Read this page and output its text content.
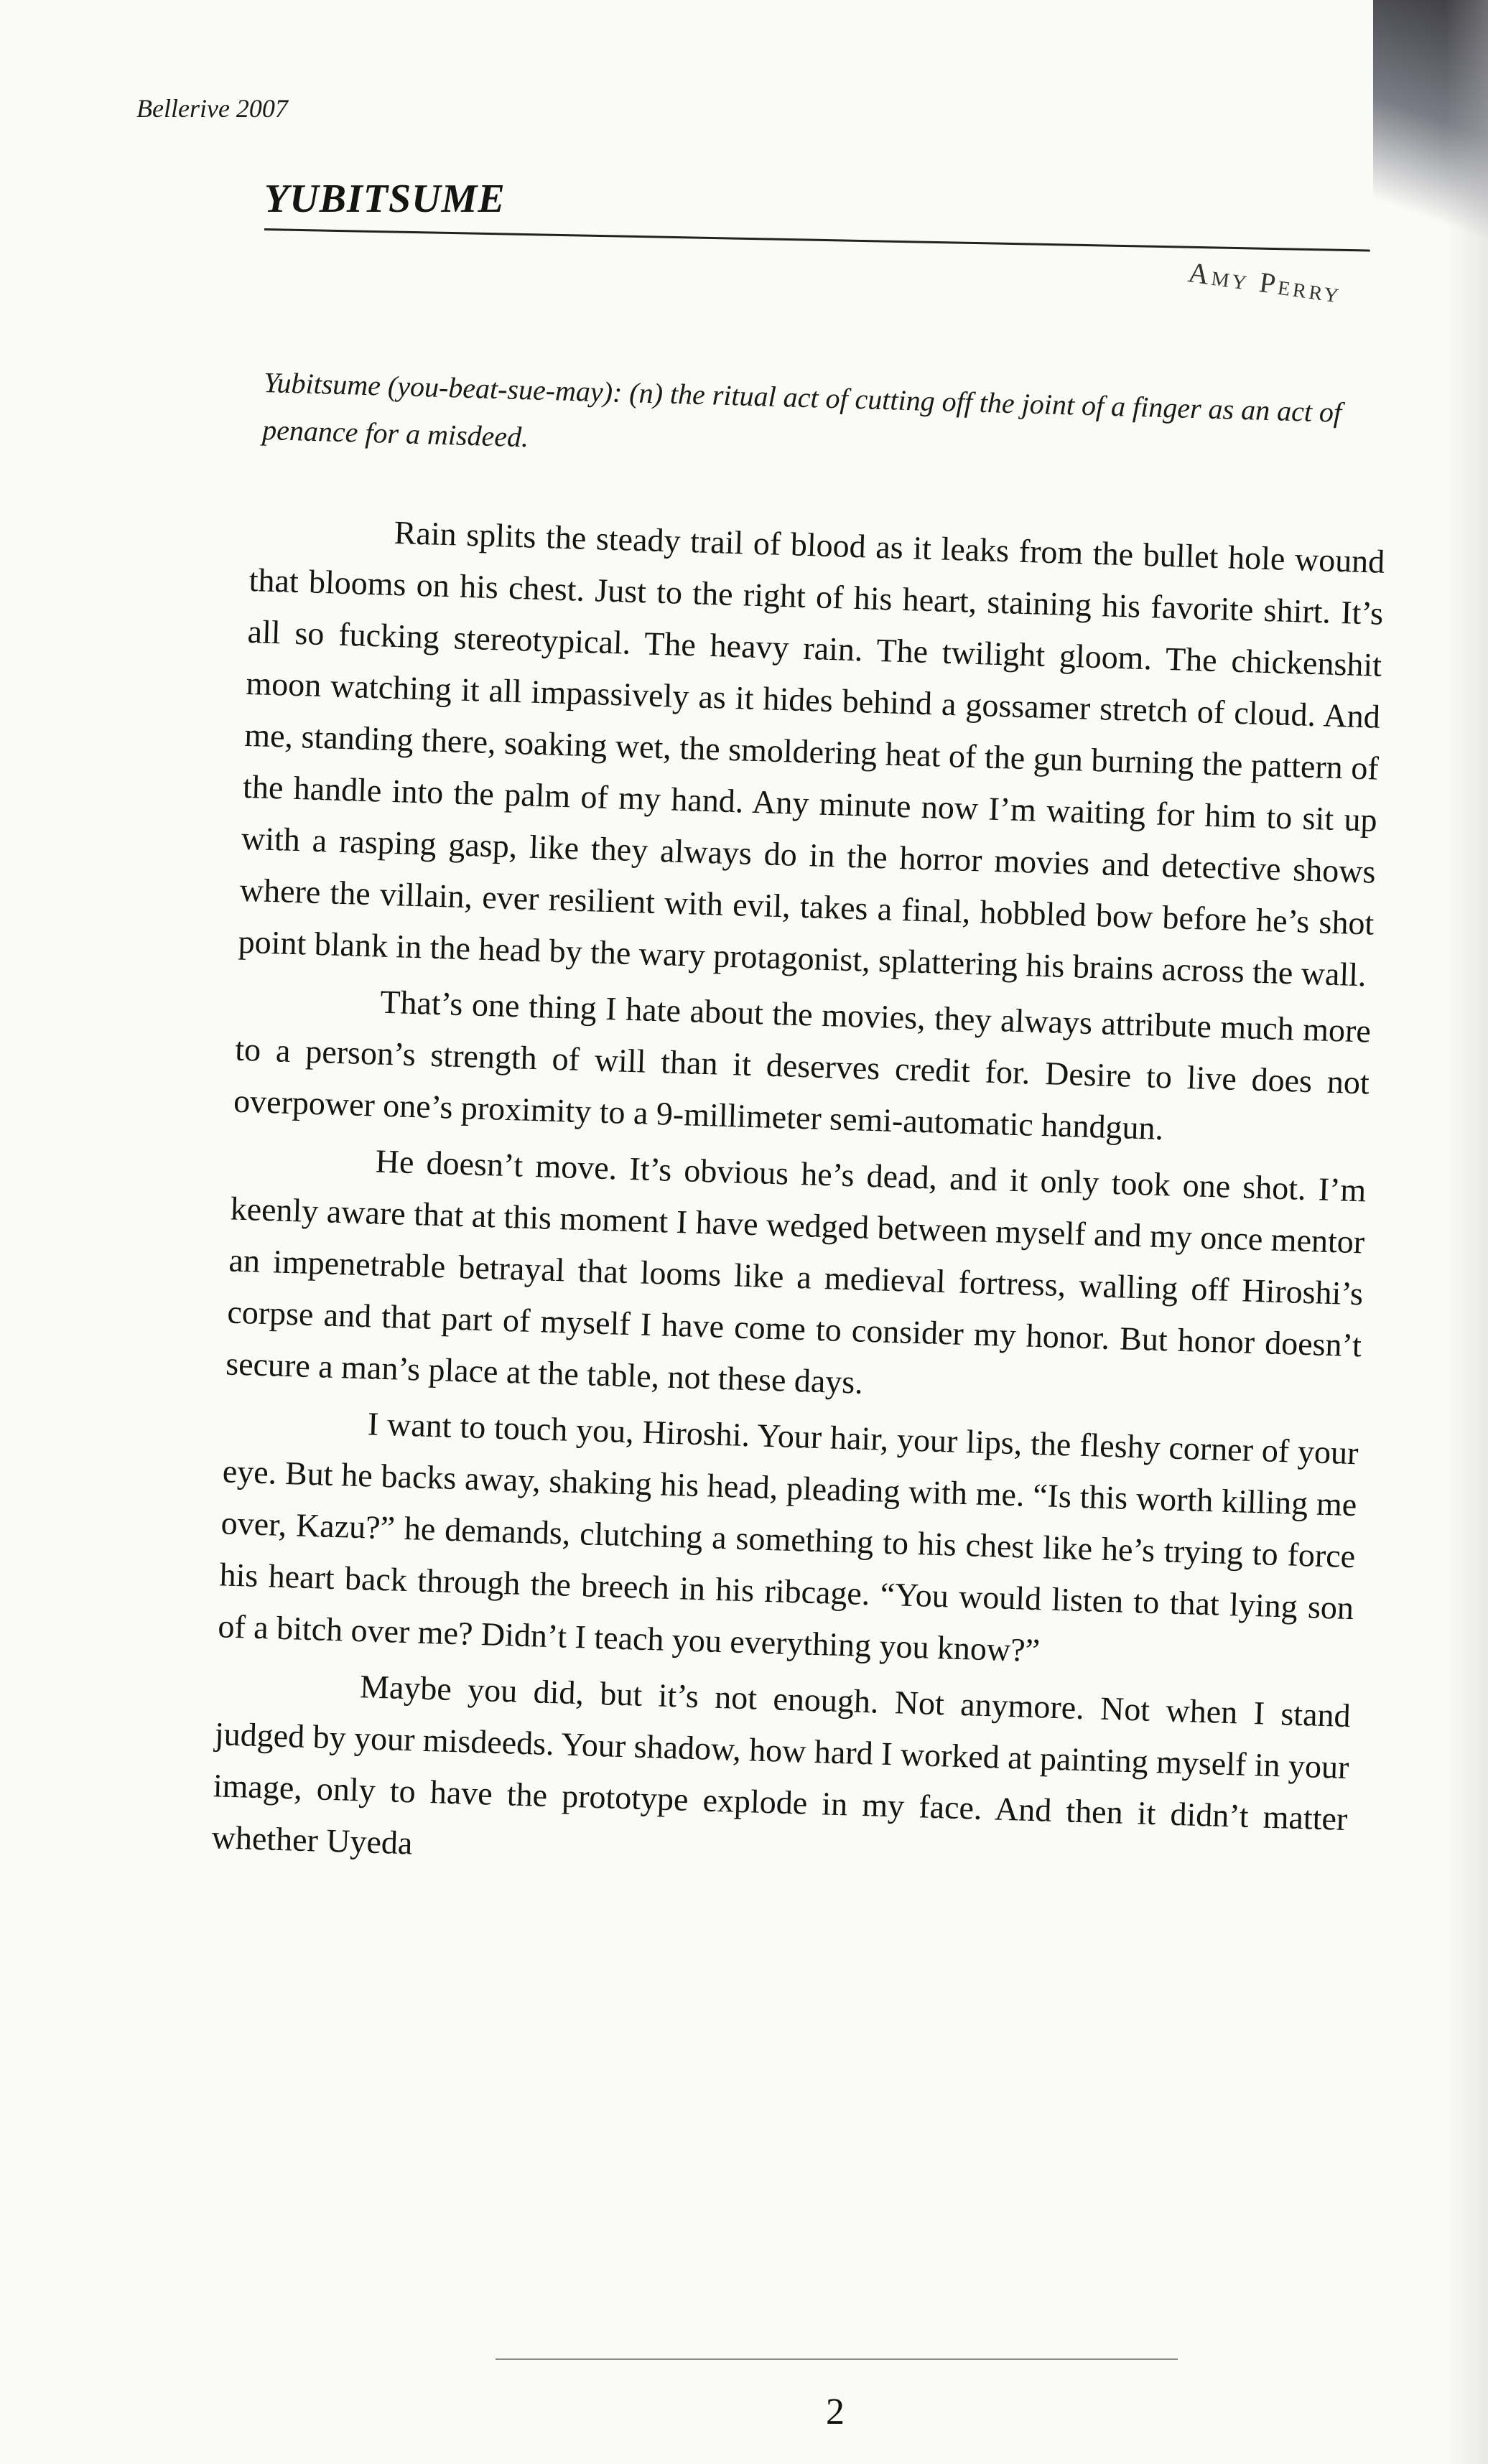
Bellerive 2007
YUBITSUME
Amy Perry
Yubitsume (you-beat-sue-may): (n) the ritual act of cutting off the joint of a finger as an act of penance for a misdeed.

Rain splits the steady trail of blood as it leaks from the bullet hole wound that blooms on his chest. Just to the right of his heart, staining his favorite shirt. It’s all so fucking stereotypical. The heavy rain. The twilight gloom. The chickenshit moon watching it all impassively as it hides behind a gossamer stretch of cloud. And me, standing there, soaking wet, the smoldering heat of the gun burning the pattern of the handle into the palm of my hand. Any minute now I’m waiting for him to sit up with a rasping gasp, like they always do in the horror movies and detective shows where the villain, ever resilient with evil, takes a final, hobbled bow before he’s shot point blank in the head by the wary protagonist, splattering his brains across the wall.

That’s one thing I hate about the movies, they always attribute much more to a person’s strength of will than it deserves credit for. Desire to live does not overpower one’s proximity to a 9-millimeter semi-automatic handgun.

He doesn’t move. It’s obvious he’s dead, and it only took one shot. I’m keenly aware that at this moment I have wedged between myself and my once mentor an impenetrable betrayal that looms like a medieval fortress, walling off Hiroshi’s corpse and that part of myself I have come to consider my honor. But honor doesn’t secure a man’s place at the table, not these days.

I want to touch you, Hiroshi. Your hair, your lips, the fleshy corner of your eye. But he backs away, shaking his head, pleading with me. “Is this worth killing me over, Kazu?” he demands, clutching a something to his chest like he’s trying to force his heart back through the breech in his ribcage. “You would listen to that lying son of a bitch over me? Didn’t I teach you everything you know?”

Maybe you did, but it’s not enough. Not anymore. Not when I stand judged by your misdeeds. Your shadow, how hard I worked at painting myself in your image, only to have the prototype explode in my face. And then it didn’t matter whether Uyeda

2
